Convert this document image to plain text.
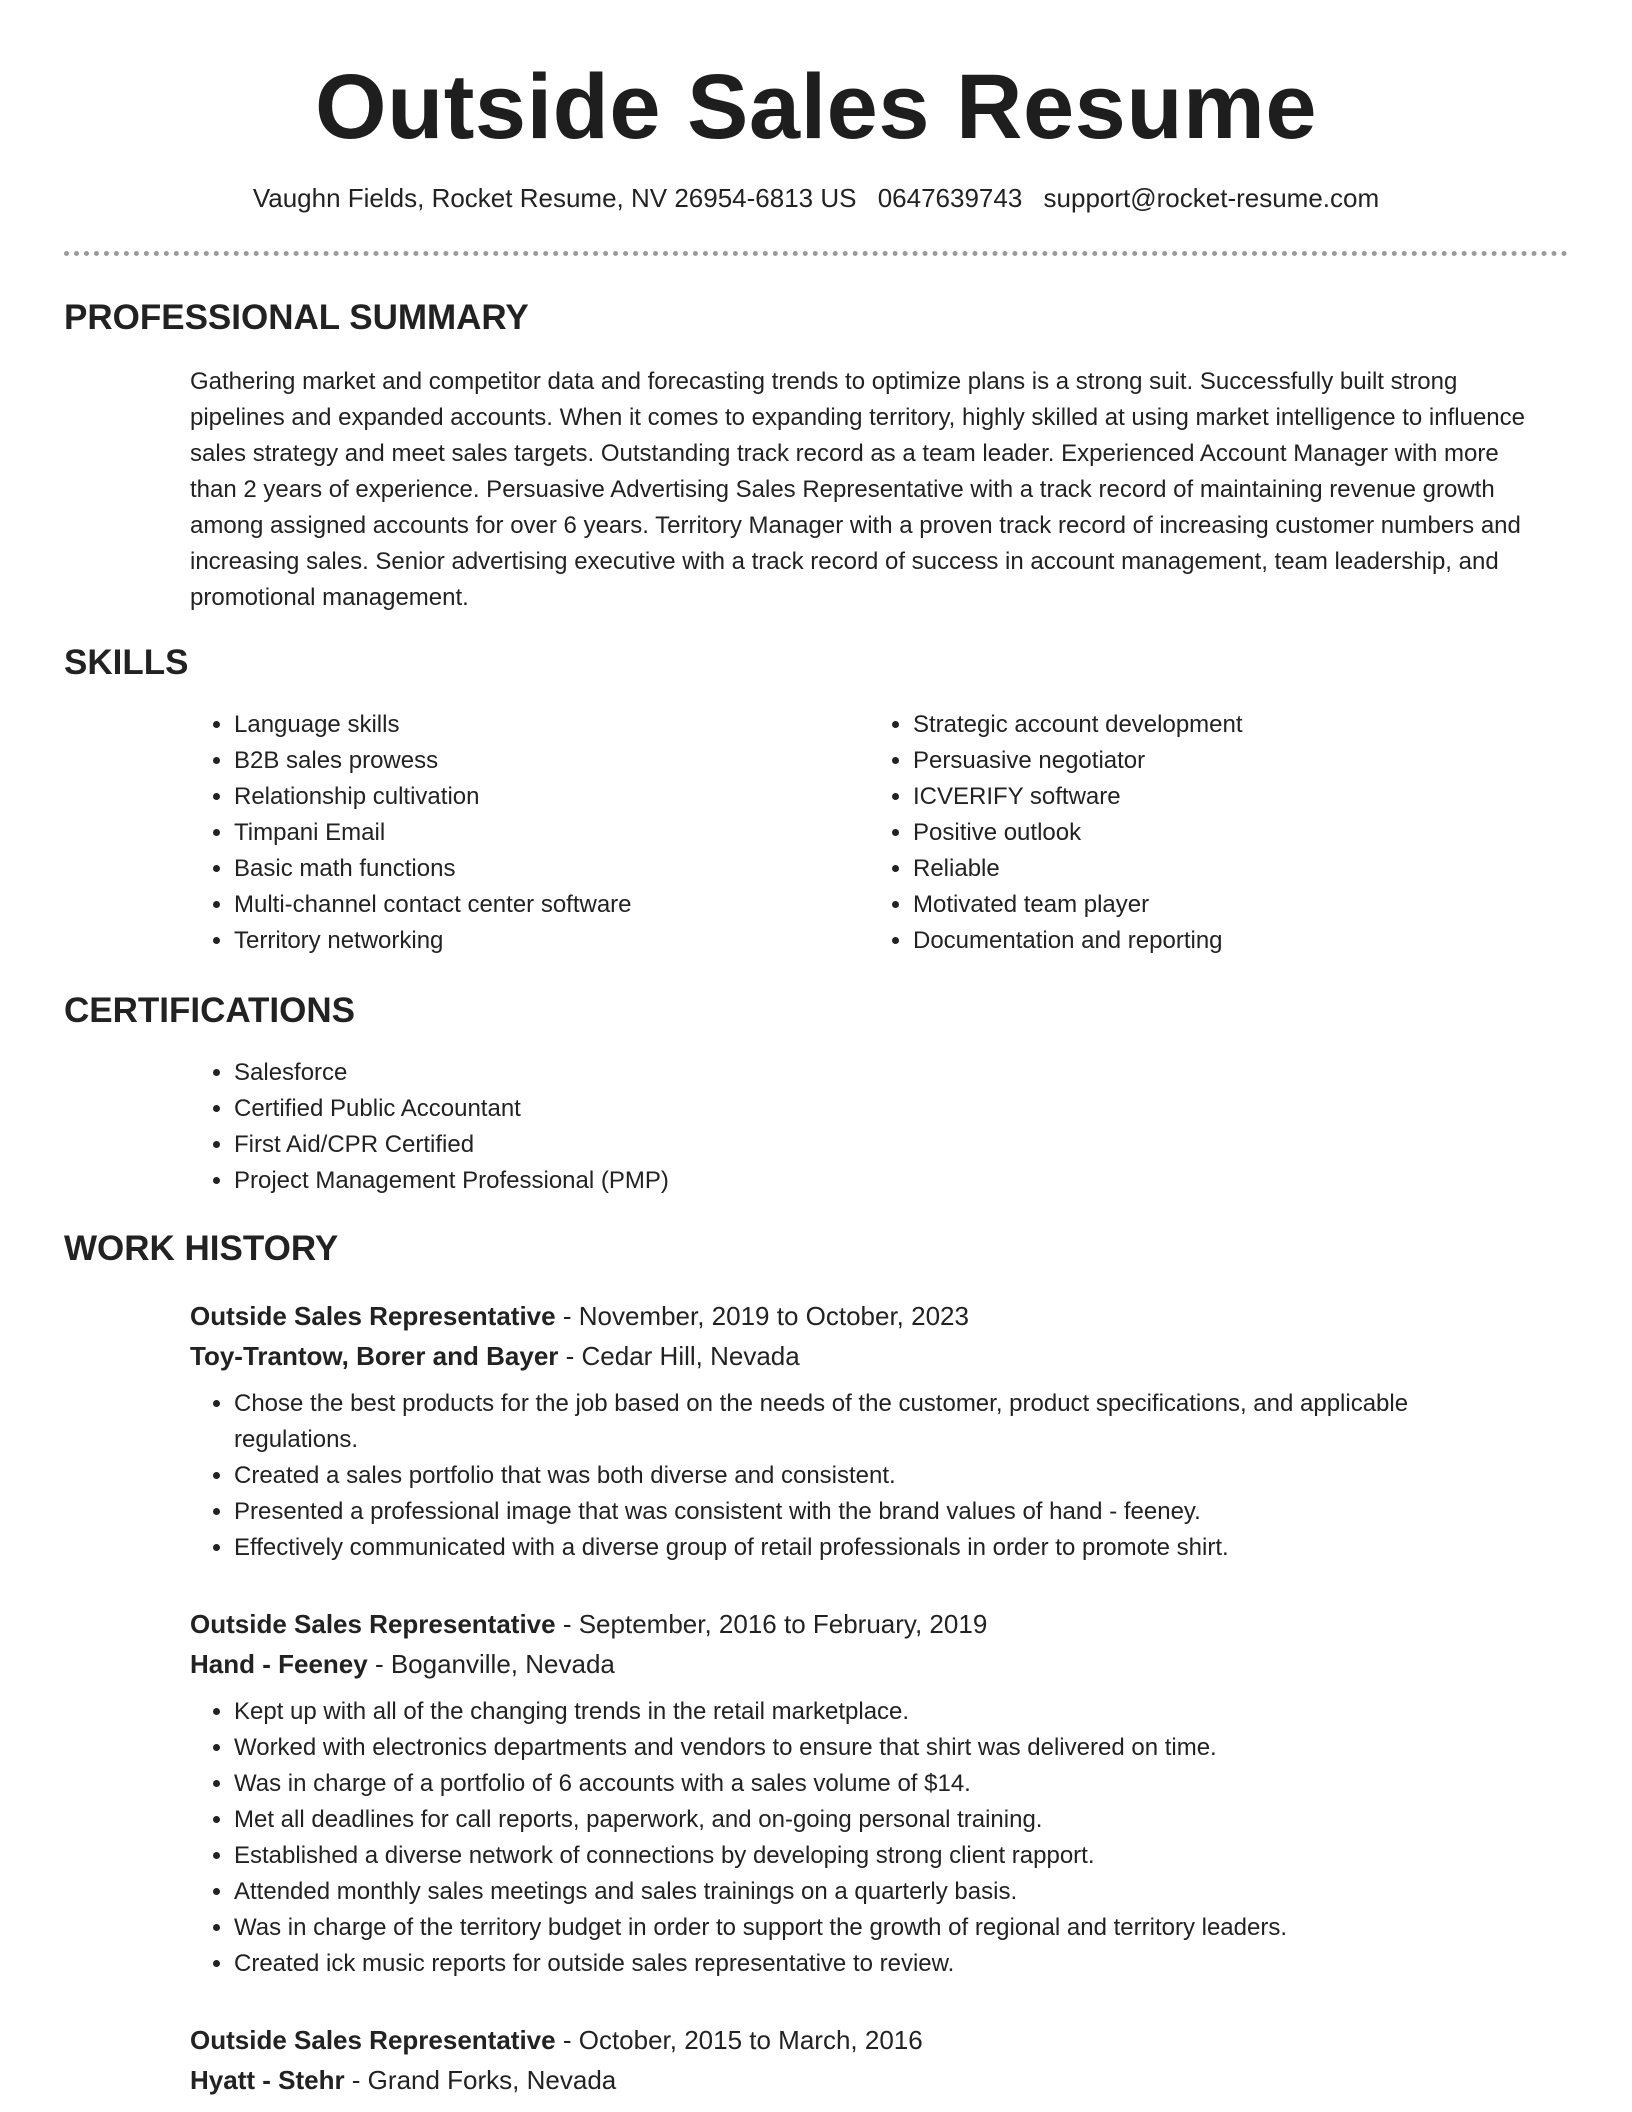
Outside Sales Resume
Vaughn Fields, Rocket Resume, NV 26954-6813 US 0647639743 support@rocket-resume.com
PROFESSIONAL SUMMARY

Gathering market and competitor data and forecasting trends to optimize plans is a strong suit. Successfully built strong pipelines and expanded accounts. When it comes to expanding territory, highly skilled at using market intelligence to influence sales strategy and meet sales targets. Outstanding track record as a team leader. Experienced Account Manager with more than 2 years of experience. Persuasive Advertising Sales Representative with a track record of maintaining revenue growth among assigned accounts for over 6 years. Territory Manager with a proven track record of increasing customer numbers and increasing sales. Senior advertising executive with a track record of success in account management, team leadership, and promotional management.

SKILLS
• Language skills
• B2B sales prowess
• Relationship cultivation
• Timpani Email
• Basic math functions
• Multi-channel contact center software
• Territory networking
• Strategic account development
• Persuasive negotiator
• ICVERIFY software
• Positive outlook
• Reliable
• Motivated team player
• Documentation and reporting
CERTIFICATIONS
• Salesforce
• Certified Public Accountant
• First Aid/CPR Certified
• Project Management Professional (PMP)
WORK HISTORY
Outside Sales Representative - November, 2019 to October, 2023
Toy-Trantow, Borer and Bayer - Cedar Hill, Nevada
• Chose the best products for the job based on the needs of the customer, product specifications, and applicable regulations.
• Created a sales portfolio that was both diverse and consistent.
• Presented a professional image that was consistent with the brand values of hand - feeney.
• Effectively communicated with a diverse group of retail professionals in order to promote shirt.
Outside Sales Representative - September, 2016 to February, 2019
Hand - Feeney - Boganville, Nevada
• Kept up with all of the changing trends in the retail marketplace.
• Worked with electronics departments and vendors to ensure that shirt was delivered on time.
• Was in charge of a portfolio of 6 accounts with a sales volume of $14.
• Met all deadlines for call reports, paperwork, and on-going personal training.
• Established a diverse network of connections by developing strong client rapport.
• Attended monthly sales meetings and sales trainings on a quarterly basis.
• Was in charge of the territory budget in order to support the growth of regional and territory leaders.
• Created ick music reports for outside sales representative to review.
Outside Sales Representative - October, 2015 to March, 2016
Hyatt - Stehr - Grand Forks, Nevada
